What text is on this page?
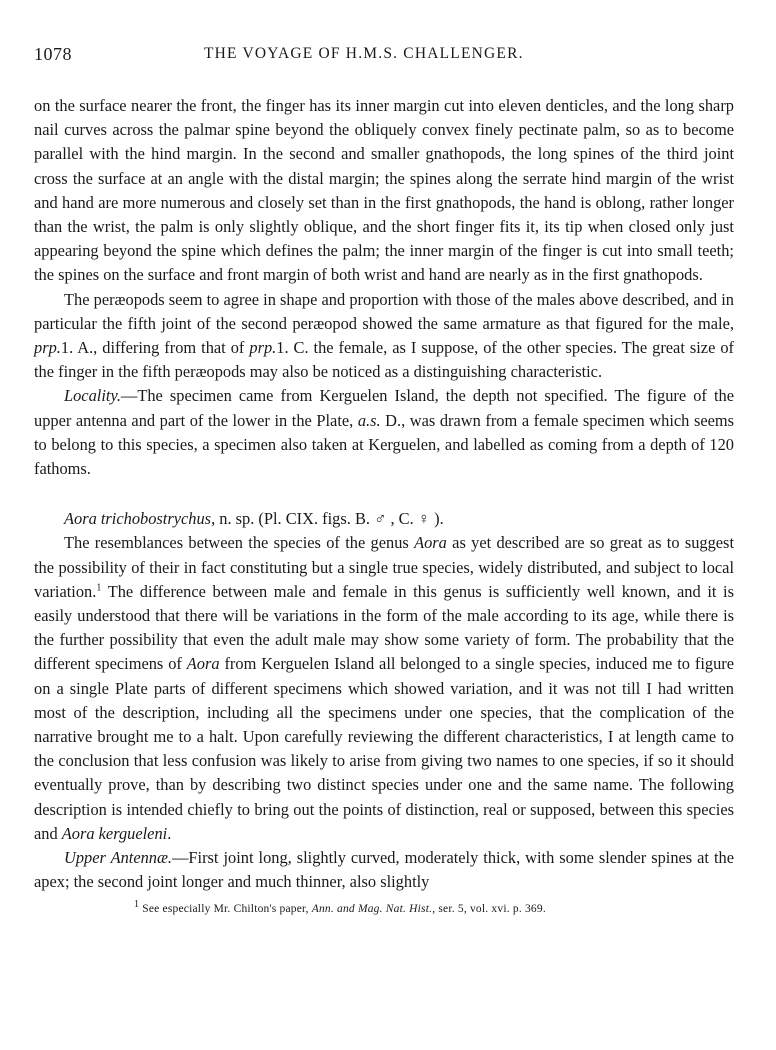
1078	THE VOYAGE OF H.M.S. CHALLENGER.

on the surface nearer the front, the finger has its inner margin cut into eleven denticles, and the long sharp nail curves across the palmar spine beyond the obliquely convex finely pectinate palm, so as to become parallel with the hind margin. In the second and smaller gnathopods, the long spines of the third joint cross the surface at an angle with the distal margin; the spines along the serrate hind margin of the wrist and hand are more numerous and closely set than in the first gnathopods, the hand is oblong, rather longer than the wrist, the palm is only slightly oblique, and the short finger fits it, its tip when closed only just appearing beyond the spine which defines the palm; the inner margin of the finger is cut into small teeth; the spines on the surface and front margin of both wrist and hand are nearly as in the first gnathopods.

The peræopods seem to agree in shape and proportion with those of the males above described, and in particular the fifth joint of the second peræopod showed the same armature as that figured for the male, prp.1. A., differing from that of prp.1. C. the female, as I suppose, of the other species. The great size of the finger in the fifth peræopods may also be noticed as a distinguishing characteristic.

Locality.—The specimen came from Kerguelen Island, the depth not specified. The figure of the upper antenna and part of the lower in the Plate, a.s. D., was drawn from a female specimen which seems to belong to this species, a specimen also taken at Kerguelen, and labelled as coming from a depth of 120 fathoms.

Aora trichobostrychus, n. sp. (Pl. CIX. figs. B. ♂ , C. ♀ ).

The resemblances between the species of the genus Aora as yet described are so great as to suggest the possibility of their in fact constituting but a single true species, widely distributed, and subject to local variation.$^1$ The difference between male and female in this genus is sufficiently well known, and it is easily understood that there will be variations in the form of the male according to its age, while there is the further possibility that even the adult male may show some variety of form. The probability that the different specimens of Aora from Kerguelen Island all belonged to a single species, induced me to figure on a single Plate parts of different specimens which showed variation, and it was not till I had written most of the description, including all the specimens under one species, that the complication of the narrative brought me to a halt. Upon carefully reviewing the different characteristics, I at length came to the conclusion that less confusion was likely to arise from giving two names to one species, if so it should eventually prove, than by describing two distinct species under one and the same name. The following description is intended chiefly to bring out the points of distinction, real or supposed, between this species and Aora kergueleni.

Upper Antennæ.—First joint long, slightly curved, moderately thick, with some slender spines at the apex; the second joint longer and much thinner, also slightly

$^1$ See especially Mr. Chilton's paper, Ann. and Mag. Nat. Hist., ser. 5, vol. xvi. p. 369.
